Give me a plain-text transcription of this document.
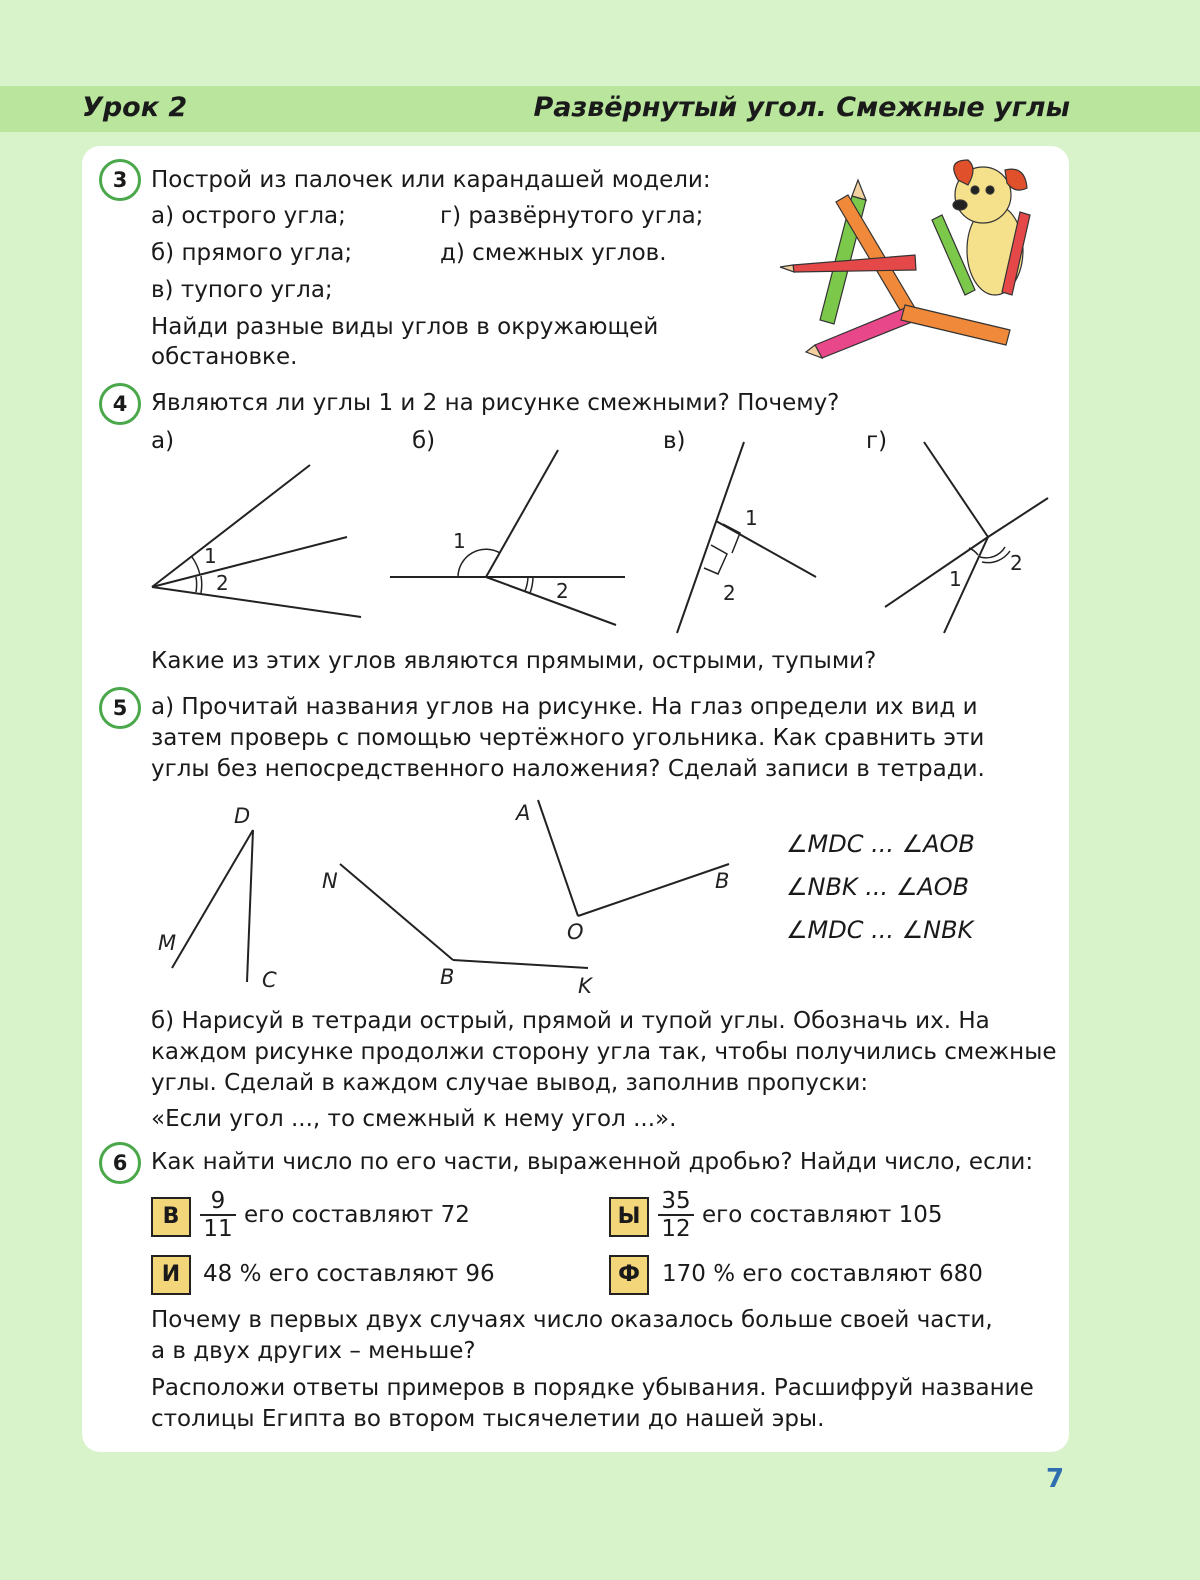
Урок 2	Развёрнутый угол. Смежные углы
3	Построй из палочек или карандашей модели:
а) острого угла;
б) прямого угла;
в) тупого угла;
г) развёрнутого угла;
д) смежных углов.
Найди разные виды углов в окружающей
обстановке.
4	Являются ли углы 1 и 2 на рисунке смежными? Почему?
а)	б)	в)	г)
1
2
1
2
1
2
1
2
Какие из этих углов являются прямыми, острыми, тупыми?
5	а) Прочитай названия углов на рисунке. На глаз определи их вид и
затем проверь с помощью чертёжного угольника. Как сравнить эти
углы без непосредственного наложения? Сделай записи в тетради.
D
M
C
N
B	K
A
O
B
∠MDC ... ∠AOB
∠NBK ... ∠AOB
∠MDC ... ∠NBK
б) Нарисуй в тетради острый, прямой и тупой углы. Обозначь их. На
каждом рисунке продолжи сторону угла так, чтобы получились смежные
углы. Сделай в каждом случае вывод, заполнив пропуски:
«Если угол ..., то смежный к нему угол ...».
6	Как найти число по его части, выраженной дробью? Найди число, если:
В $\frac{9}{11}$ его составляют 72	Ы $\frac{35}{12}$ его составляют 105
И 48 % его составляют 96	Ф 170 % его составляют 680
Почему в первых двух случаях число оказалось больше своей части,
а в двух других – меньше?
Расположи ответы примеров в порядке убывания. Расшифруй название
столицы Египта во втором тысячелетии до нашей эры.
7
